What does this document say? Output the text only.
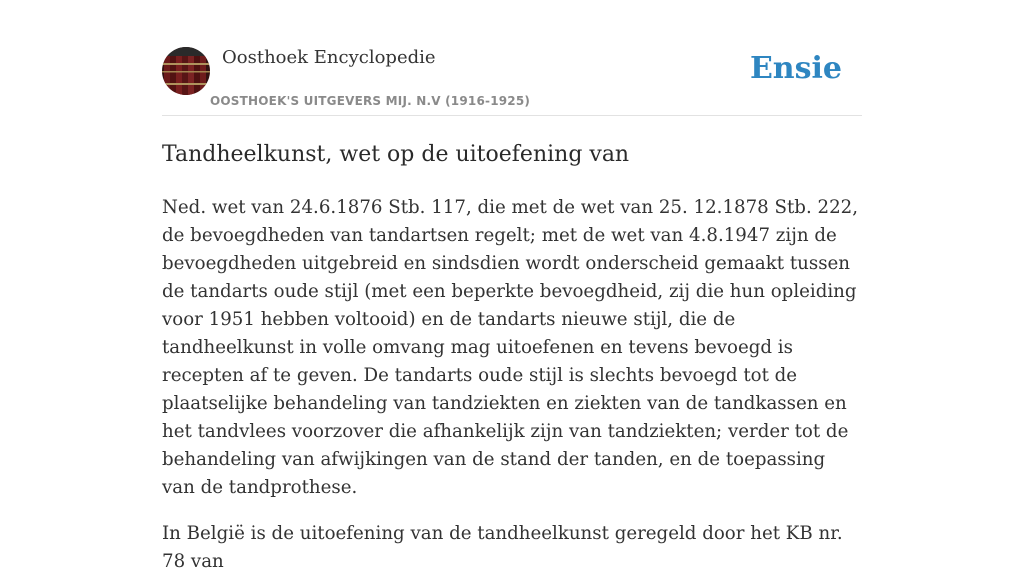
Oosthoek Encyclopedie
OOSTHOEK'S UITGEVERS MIJ. N.V (1916-1925)
Ensie
Tandheelkunst, wet op de uitoefening van

Ned. wet van 24.6.1876 Stb. 117, die met de wet van 25. 12.1878 Stb. 222, de bevoegdheden van tandartsen regelt; met de wet van 4.8.1947 zijn de bevoegdheden uitgebreid en sindsdien wordt onderscheid gemaakt tussen de tandarts oude stijl (met een beperkte bevoegdheid, zij die hun opleiding voor 1951 hebben voltooid) en de tandarts nieuwe stijl, die de tandheelkunst in volle omvang mag uitoefenen en tevens bevoegd is recepten af te geven. De tandarts oude stijl is slechts bevoegd tot de plaatselijke behandeling van tandziekten en ziekten van de tandkassen en het tandvlees voorzover die afhankelijk zijn van tandziekten; verder tot de behandeling van afwijkingen van de stand der tanden, en de toepassing van de tandprothese.

In België is de uitoefening van de tandheelkunst geregeld door het KB nr. 78 van
